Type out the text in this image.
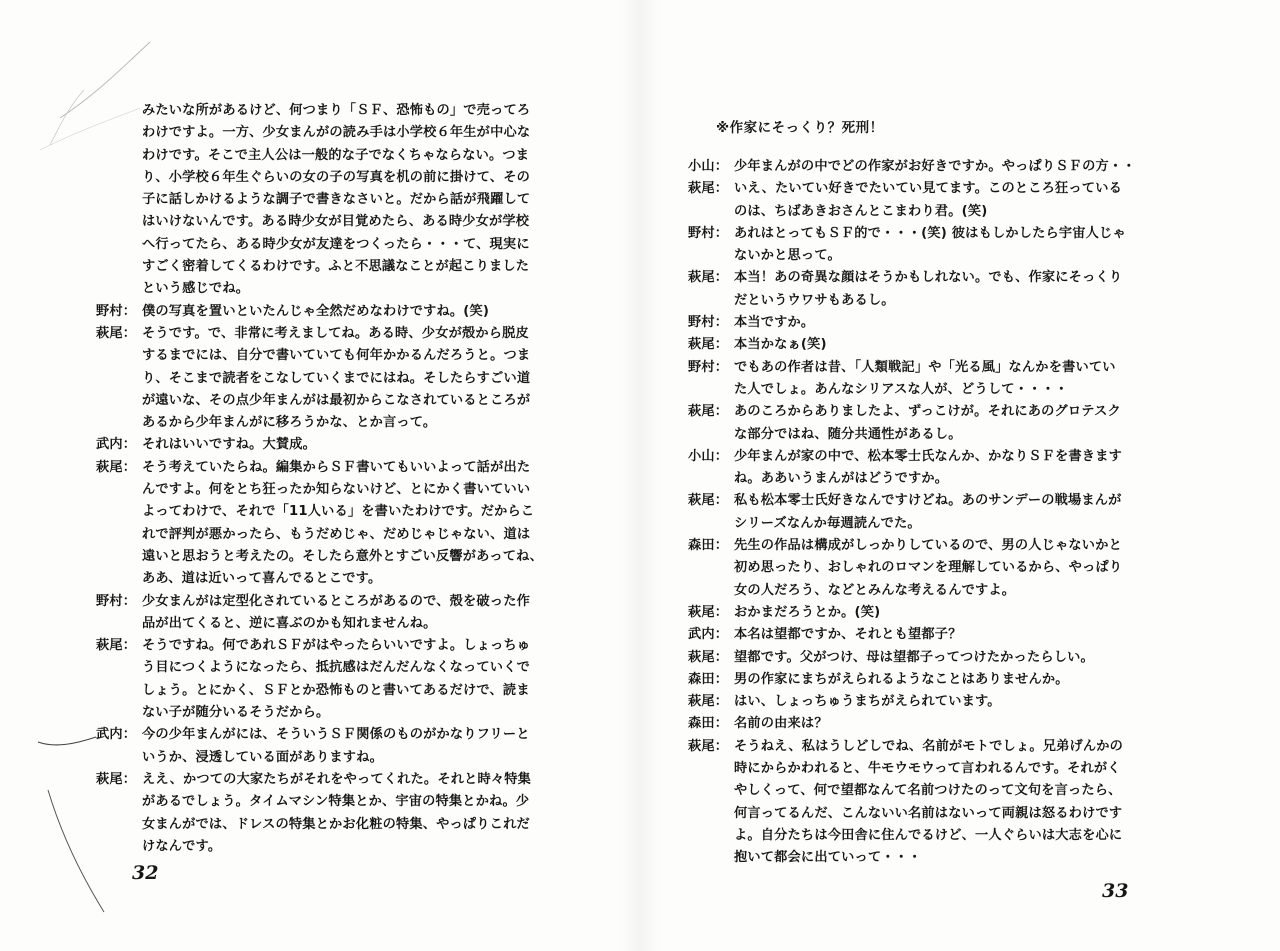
みたいな所があるけど、何つまり「ＳＦ、恐怖もの」で売ってろ
わけですよ。一方、少女まんがの読み手は小学校６年生が中心な
わけです。そこで主人公は一般的な子でなくちゃならない。つま
り、小学校６年生ぐらいの女の子の写真を机の前に掛けて、その
子に話しかけるような調子で書きなさいと。だから話が飛躍して
はいけないんです。ある時少女が目覚めたら、ある時少女が学校
へ行ってたら、ある時少女が友達をつくったら・・・て、現実に
すごく密着してくるわけです。ふと不思議なことが起こりました
という感じでね。
野村： 僕の写真を置いといたんじゃ全然だめなわけですね。(笑)
萩尾： そうです。で、非常に考えましてね。ある時、少女が殻から脱皮
するまでには、自分で書いていても何年かかるんだろうと。つま
り、そこまで読者をこなしていくまでにはね。そしたらすごい道
が遠いな、その点少年まんがは最初からこなされているところが
あるから少年まんがに移ろうかな、とか言って。
武内： それはいいですね。大賛成。
萩尾： そう考えていたらね。編集からＳＦ書いてもいいよって話が出た
んですよ。何をとち狂ったか知らないけど、とにかく書いていい
よってわけで、それで「11人いる」を書いたわけです。だからこ
れで評判が悪かったら、もうだめじゃ、だめじゃじゃない、道は
遠いと思おうと考えたの。そしたら意外とすごい反響があってね、
ああ、道は近いって喜んでるとこです。
野村： 少女まんがは定型化されているところがあるので、殻を破った作
品が出てくると、逆に喜ぶのかも知れませんね。
萩尾： そうですね。何であれＳＦがはやったらいいですよ。しょっちゅ
う目につくようになったら、抵抗感はだんだんなくなっていくで
しょう。とにかく、ＳＦとか恐怖ものと書いてあるだけで、読ま
ない子が随分いるそうだから。
武内： 今の少年まんがには、そういうＳＦ関係のものがかなりフリーと
いうか、浸透している面がありますね。
萩尾： ええ、かつての大家たちがそれをやってくれた。それと時々特集
があるでしょう。タイムマシン特集とか、宇宙の特集とかね。少
女まんがでは、ドレスの特集とかお化粧の特集、やっぱりこれだ
けなんです。
32
※作家にそっくり？死刑！
小山： 少年まんがの中でどの作家がお好きですか。やっぱりＳＦの方・・
萩尾： いえ、たいてい好きでたいてい見てます。このところ狂っている
のは、ちばあきおさんとこまわり君。(笑)
野村： あれはとってもＳＦ的で・・・(笑) 彼はもしかしたら宇宙人じゃ
ないかと思って。
萩尾： 本当！あの奇異な顔はそうかもしれない。でも、作家にそっくり
だというウワサもあるし。
野村： 本当ですか。
萩尾： 本当かなぁ(笑)
野村： でもあの作者は昔、「人類戦記」や「光る風」なんかを書いてい
た人でしょ。あんなシリアスな人が、どうして・・・・
萩尾： あのころからありましたよ、ずっこけが。それにあのグロテスク
な部分ではね、随分共通性があるし。
小山： 少年まんが家の中で、松本零士氏なんか、かなりＳＦを書きます
ね。ああいうまんがはどうですか。
萩尾： 私も松本零士氏好きなんですけどね。あのサンデーの戦場まんが
シリーズなんか毎週読んでた。
森田： 先生の作品は構成がしっかりしているので、男の人じゃないかと
初め思ったり、おしゃれのロマンを理解しているから、やっぱり
女の人だろう、などとみんな考えるんですよ。
萩尾： おかまだろうとか。(笑)
武内： 本名は望都ですか、それとも望都子？
萩尾： 望都です。父がつけ、母は望都子ってつけたかったらしい。
森田： 男の作家にまちがえられるようなことはありませんか。
萩尾： はい、しょっちゅうまちがえられています。
森田： 名前の由来は？
萩尾： そうねえ、私はうしどしでね、名前がモトでしょ。兄弟げんかの
時にからかわれると、牛モウモウって言われるんです。それがく
やしくって、何で望都なんて名前つけたのって文句を言ったら、
何言ってるんだ、こんないい名前はないって両親は怒るわけです
よ。自分たちは今田舎に住んでるけど、一人ぐらいは大志を心に
抱いて都会に出ていって・・・
33
